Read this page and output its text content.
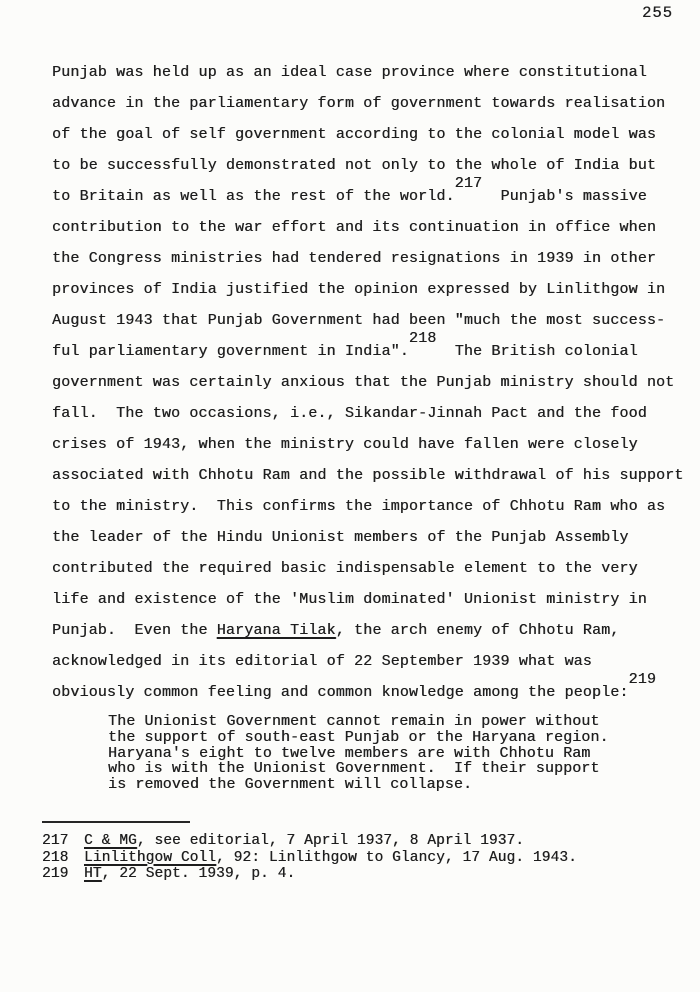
255
Punjab was held up as an ideal case province where constitutional
advance in the parliamentary form of government towards realisation
of the goal of self government according to the colonial model was
to be successfully demonstrated not only to the whole of India but
to Britain as well as the rest of the world.217  Punjab's massive
contribution to the war effort and its continuation in office when
the Congress ministries had tendered resignations in 1939 in other
provinces of India justified the opinion expressed by Linlithgow in
August 1943 that Punjab Government had been "much the most success-
ful parliamentary government in India".218  The British colonial
government was certainly anxious that the Punjab ministry should not
fall.  The two occasions, i.e., Sikandar-Jinnah Pact and the food
crises of 1943, when the ministry could have fallen were closely
associated with Chhotu Ram and the possible withdrawal of his support
to the ministry.  This confirms the importance of Chhotu Ram who as
the leader of the Hindu Unionist members of the Punjab Assembly
contributed the required basic indispensable element to the very
life and existence of the 'Muslim dominated' Unionist ministry in
Punjab.  Even the Haryana Tilak, the arch enemy of Chhotu Ram,
acknowledged in its editorial of 22 September 1939 what was
obviously common feeling and common knowledge among the people:219
The Unionist Government cannot remain in power without
the support of south-east Punjab or the Haryana region.
Haryana's eight to twelve members are with Chhotu Ram
who is with the Unionist Government.  If their support
is removed the Government will collapse.
217	C & MG, see editorial, 7 April 1937, 8 April 1937.
218	Linlithgow Coll, 92: Linlithgow to Glancy, 17 Aug. 1943.
219	HT, 22 Sept. 1939, p. 4.
